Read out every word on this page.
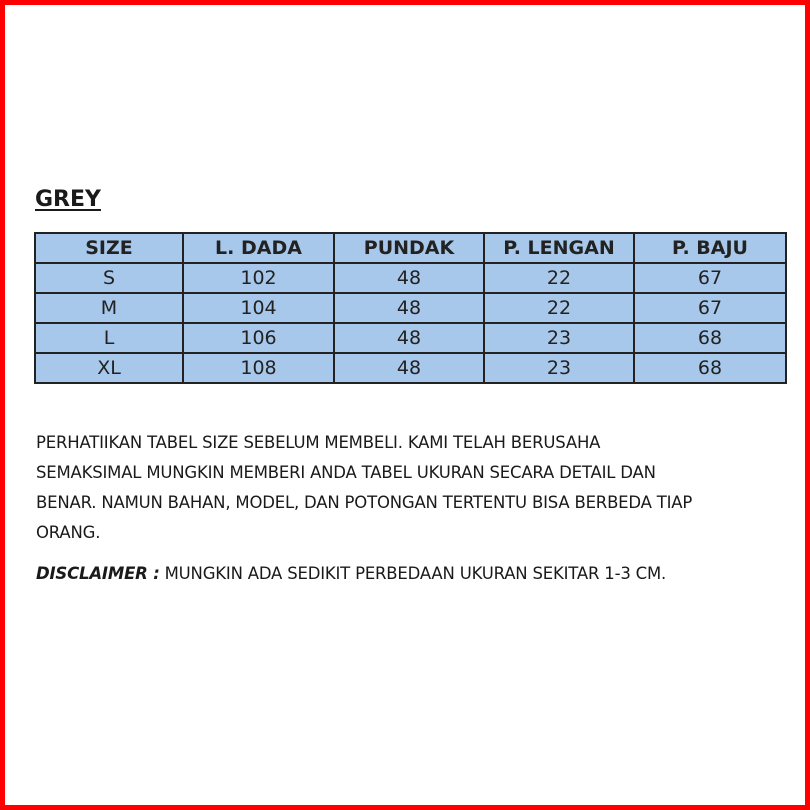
GREY
SIZE	L. DADA	PUNDAK	P. LENGAN	P. BAJU
S	102	48	22	67
M	104	48	22	67
L	106	48	23	68
XL	108	48	23	68
PERHATIIKAN TABEL SIZE SEBELUM MEMBELI. KAMI TELAH BERUSAHA
SEMAKSIMAL MUNGKIN MEMBERI ANDA TABEL UKURAN SECARA DETAIL DAN
BENAR. NAMUN BAHAN, MODEL, DAN POTONGAN TERTENTU BISA BERBEDA TIAP
ORANG.

DISCLAIMER : MUNGKIN ADA SEDIKIT PERBEDAAN UKURAN SEKITAR 1-3 CM.
